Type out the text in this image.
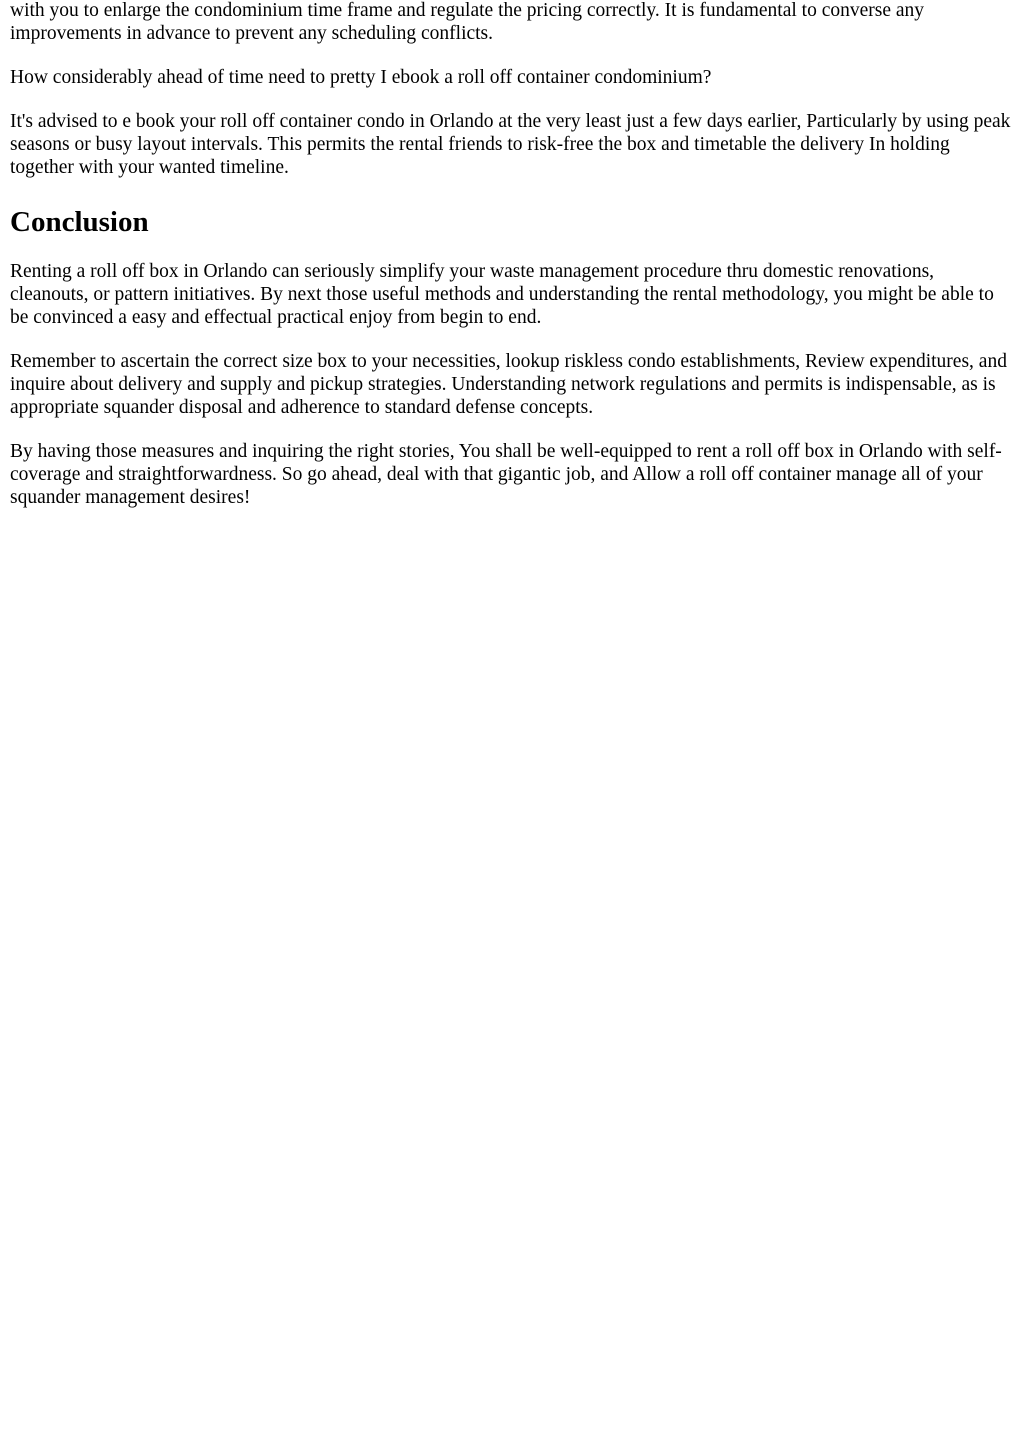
with you to enlarge the condominium time frame and regulate the pricing correctly. It is fundamental to converse any improvements in advance to prevent any scheduling conflicts.

How considerably ahead of time need to pretty I ebook a roll off container condominium?

It's advised to e book your roll off container condo in Orlando at the very least just a few days earlier, Particularly by using peak seasons or busy layout intervals. This permits the rental friends to risk-free the box and timetable the delivery In holding together with your wanted timeline.

Conclusion

Renting a roll off box in Orlando can seriously simplify your waste management procedure thru domestic renovations, cleanouts, or pattern initiatives. By next those useful methods and understanding the rental methodology, you might be able to be convinced a easy and effectual practical enjoy from begin to end.

Remember to ascertain the correct size box to your necessities, lookup riskless condo establishments, Review expenditures, and inquire about delivery and supply and pickup strategies. Understanding network regulations and permits is indispensable, as is appropriate squander disposal and adherence to standard defense concepts.

By having those measures and inquiring the right stories, You shall be well-equipped to rent a roll off box in Orlando with self-coverage and straightforwardness. So go ahead, deal with that gigantic job, and Allow a roll off container manage all of your squander management desires!
